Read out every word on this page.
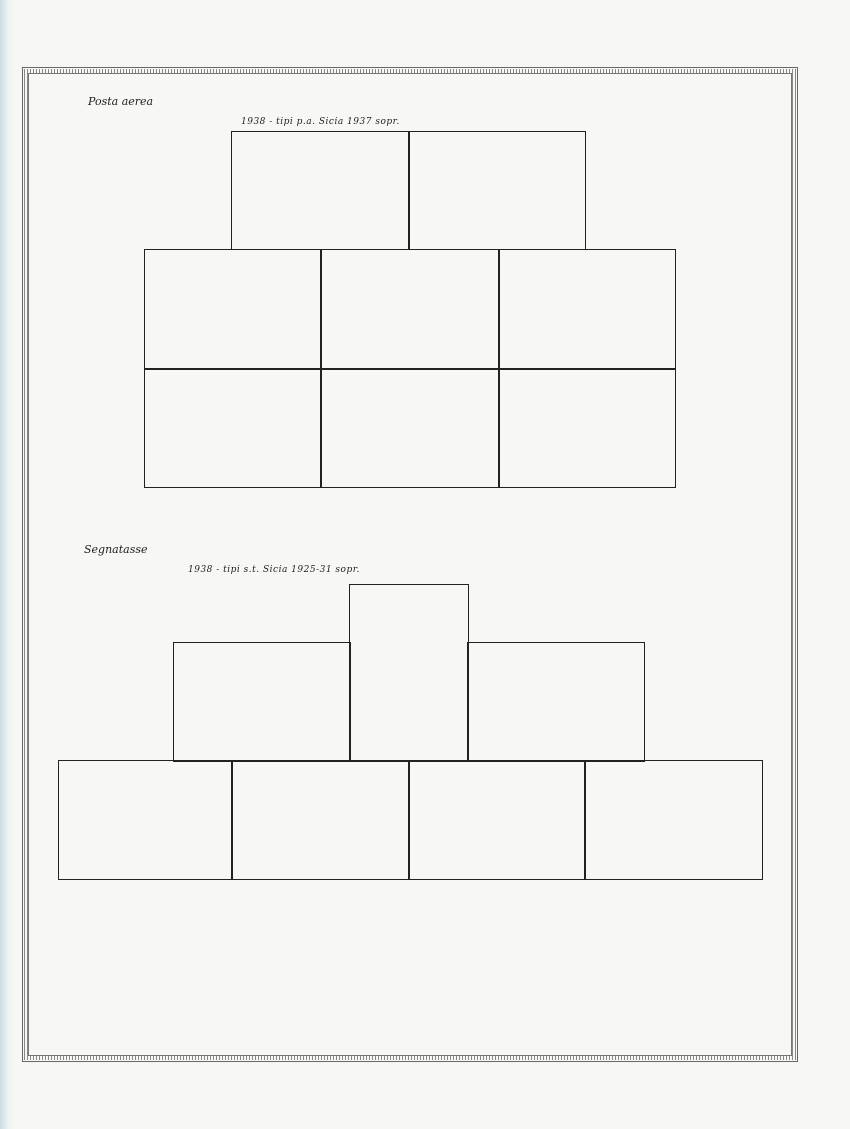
Posta aerea
1938 - tipi p.a. Sicia 1937 sopr.
Segnatasse
1938 - tipi s.t. Sicia 1925-31 sopr.
